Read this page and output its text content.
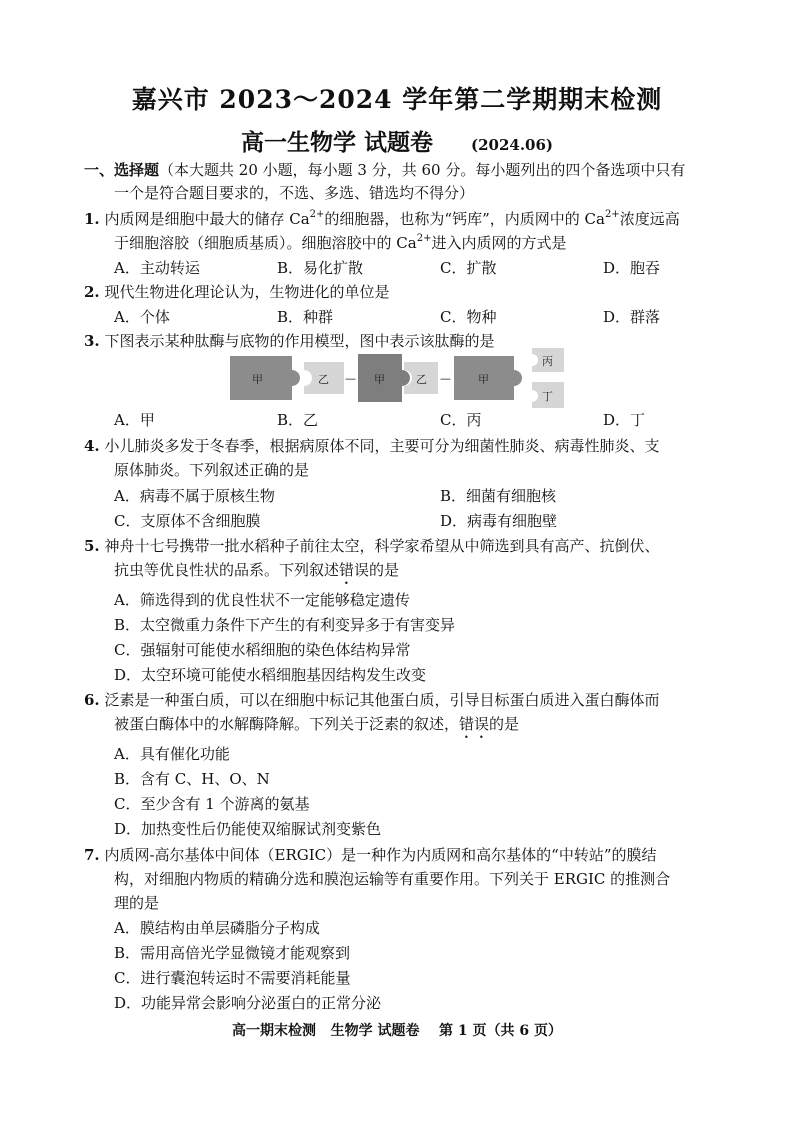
嘉兴市 2023～2024 学年第二学期期末检测
高一生物学 试题卷	(2024.06)
一、选择题（本大题共 20 小题，每小题 3 分，共 60 分。每小题列出的四个备选项中只有
一个是符合题目要求的，不选、多选、错选均不得分）
1. 内质网是细胞中最大的储存 $Ca^{2+}$的细胞器，也称为“钙库”，内质网中的 $Ca^{2+}$浓度远高
于细胞溶胶（细胞质基质）。细胞溶胶中的 $Ca^{2+}$进入内质网的方式是
A．主动转运	B．易化扩散	C．扩散	D．胞吞
2. 现代生物进化理论认为，生物进化的单位是
A．个体	B．种群	C．物种	D．群落
3. 下图表示某种肽酶与底物的作用模型，图中表示该肽酶的是
甲	乙 — 甲	乙 — 甲
丙
丁
A．甲	B．乙	C．丙	D．丁
4. 小儿肺炎多发于冬春季，根据病原体不同，主要可分为细菌性肺炎、病毒性肺炎、支
原体肺炎。下列叙述正确的是
A．病毒不属于原核生物	B．细菌有细胞核
C．支原体不含细胞膜	D．病毒有细胞壁
5. 神舟十七号携带一批水稻种子前往太空，科学家希望从中筛选到具有高产、抗倒伏、
抗虫等优良性状的品系。下列叙述错误的是
A．筛选得到的优良性状不一定能够稳定遗传
B．太空微重力条件下产生的有利变异多于有害变异
C．强辐射可能使水稻细胞的染色体结构异常
D．太空环境可能使水稻细胞基因结构发生改变
6. 泛素是一种蛋白质，可以在细胞中标记其他蛋白质，引导目标蛋白质进入蛋白酶体而
被蛋白酶体中的水解酶降解。下列关于泛素的叙述，错误的是
A．具有催化功能
B．含有 C、H、O、N
C．至少含有 1 个游离的氨基
D．加热变性后仍能使双缩脲试剂变紫色
7. 内质网-高尔基体中间体（ERGIC）是一种作为内质网和高尔基体的“中转站”的膜结
构，对细胞内物质的精确分选和膜泡运输等有重要作用。下列关于 ERGIC 的推测合
理的是
A．膜结构由单层磷脂分子构成
B．需用高倍光学显微镜才能观察到
C．进行囊泡转运时不需要消耗能量
D．功能异常会影响分泌蛋白的正常分泌
高一期末检测   生物学 试题卷    第 1 页（共 6 页）
